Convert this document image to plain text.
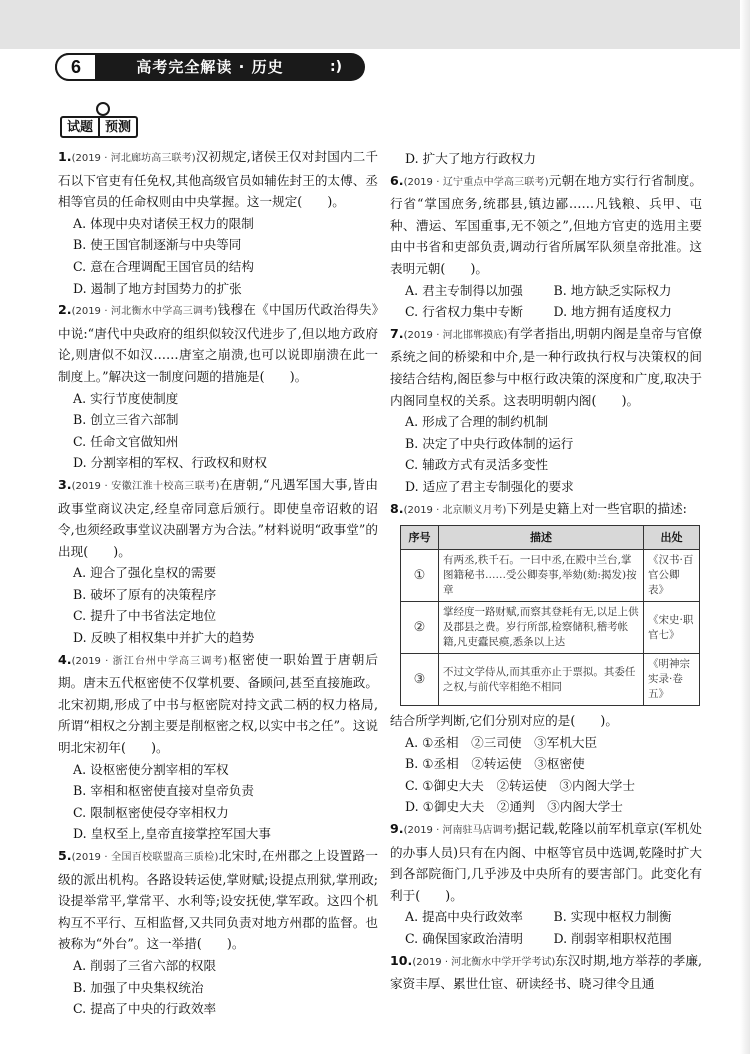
6	高考完全解读 · 历史	:)
试题 预测
1.(2019 · 河北廊坊高三联考)汉初规定,诸侯王仅对封国内二千石以下官吏有任免权,其他高级官员如辅佐封王的太傅、丞相等官员的任命权则由中央掌握。这一规定(　　)。
A. 体现中央对诸侯王权力的限制
B. 使王国官制逐渐与中央等同
C. 意在合理调配王国官员的结构
D. 遏制了地方封国势力的扩张
2.(2019 · 河北衡水中学高三调考)钱穆在《中国历代政治得失》中说:“唐代中央政府的组织似较汉代进步了,但以地方政府论,则唐似不如汉……唐室之崩溃,也可以说即崩溃在此一制度上。”解决这一制度问题的措施是(　　)。
A. 实行节度使制度
B. 创立三省六部制
C. 任命文官做知州
D. 分割宰相的军权、行政权和财权
3.(2019 · 安徽江淮十校高三联考)在唐朝,“凡遇军国大事,皆由政事堂商议决定,经皇帝同意后颁行。即使皇帝诏敕的诏令,也须经政事堂议决副署方为合法。”材料说明“政事堂”的出现(　　)。
A. 迎合了强化皇权的需要
B. 破坏了原有的决策程序
C. 提升了中书省法定地位
D. 反映了相权集中并扩大的趋势
4.(2019 · 浙江台州中学高三调考)枢密使一职始置于唐朝后期。唐末五代枢密使不仅掌机要、备顾问,甚至直接施政。北宋初期,形成了中书与枢密院对持文武二柄的权力格局,所谓“相权之分割主要是削枢密之权,以实中书之任”。这说明北宋初年(　　)。
A. 设枢密使分割宰相的军权
B. 宰相和枢密使直接对皇帝负责
C. 限制枢密使侵夺宰相权力
D. 皇权至上,皇帝直接掌控军国大事
5.(2019 · 全国百校联盟高三质检)北宋时,在州郡之上设置路一级的派出机构。各路设转运使,掌财赋;设提点刑狱,掌刑政;设提举常平,掌常平、水利等;设安抚使,掌军政。这四个机构互不平行、互相监督,又共同负责对地方州郡的监督。也被称为“外台”。这一举措(　　)。
A. 削弱了三省六部的权限
B. 加强了中央集权统治
C. 提高了中央的行政效率
D. 扩大了地方行政权力
6.(2019 · 辽宁重点中学高三联考)元朝在地方实行行省制度。行省“掌国庶务,统郡县,镇边鄙……凡钱粮、兵甲、屯种、漕运、军国重事,无不领之”,但地方官吏的选用主要由中书省和吏部负责,调动行省所属军队须皇帝批准。这表明元朝(　　)。
A. 君主专制得以加强	B. 地方缺乏实际权力
C. 行省权力集中专断	D. 地方拥有适度权力
7.(2019 · 河北邯郸摸底)有学者指出,明朝内阁是皇帝与官僚系统之间的桥梁和中介,是一种行政执行权与决策权的间接结合结构,阁臣参与中枢行政决策的深度和广度,取决于内阁同皇权的关系。这表明明朝内阁(　　)。
A. 形成了合理的制约机制
B. 决定了中央行政体制的运行
C. 辅政方式有灵活多变性
D. 适应了君主专制强化的要求
8.(2019 · 北京顺义月考)下列是史籍上对一些官职的描述:
序号	描述	出处
①	有两丞,秩千石。一曰中丞,在殿中兰台,掌图籍秘书……受公卿奏事,举劾(劾:揭发)按章	《汉书·百官公卿表》
②	掌经度一路财赋,而察其登耗有无,以足上供及郡县之费。岁行所部,检察储积,稽考帐籍,凡吏蠹民瘼,悉条以上达	《宋史·职官七》
③	不过文学侍从,而其重亦止于票拟。其委任之权,与前代宰相绝不相同	《明神宗实录·卷五》
结合所学判断,它们分别对应的是(　　)。
A. ①丞相　②三司使　③军机大臣
B. ①丞相　②转运使　③枢密使
C. ①御史大夫　②转运使　③内阁大学士
D. ①御史大夫　②通判　③内阁大学士
9.(2019 · 河南驻马店调考)据记载,乾隆以前军机章京(军机处的办事人员)只有在内阁、中枢等官员中选调,乾隆时扩大到各部院衙门,几乎涉及中央所有的要害部门。此变化有利于(　　)。
A. 提高中央行政效率	B. 实现中枢权力制衡
C. 确保国家政治清明	D. 削弱宰相职权范围
10.(2019 · 河北衡水中学开学考试)东汉时期,地方举荐的孝廉,家资丰厚、累世仕宦、研读经书、晓习律令且通
